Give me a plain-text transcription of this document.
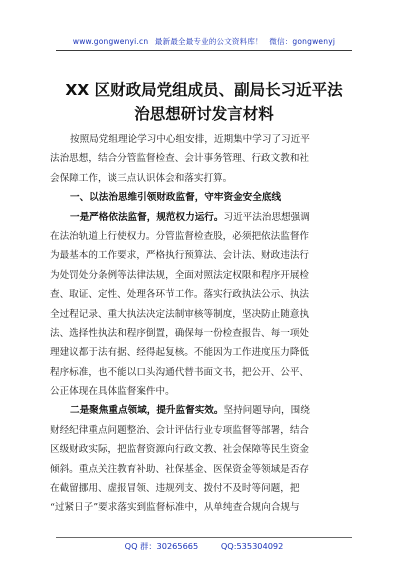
www.gongwenyi.cn 最新最全最专业的公文资料库！ 微信：gongwenyj
XX 区财政局党组成员、副局长习近平法
治思想研讨发言材料
按照局党组理论学习中心组安排，近期集中学习了习近平
法治思想，结合分管监督检查、会计事务管理、行政文教和社
会保障工作，谈三点认识体会和落实打算。
一、以法治思维引领财政监督，守牢资金安全底线
一是严格依法监督，规范权力运行。习近平法治思想强调
在法治轨道上行使权力。分管监督检查股，必须把依法监督作
为最基本的工作要求，严格执行预算法、会计法、财政违法行
为处罚处分条例等法律法规，全面对照法定权限和程序开展检
查、取证、定性、处理各环节工作。落实行政执法公示、执法
全过程记录、重大执法决定法制审核等制度，坚决防止随意执
法、选择性执法和程序倒置，确保每一份检查报告、每一项处
理建议都于法有据、经得起复核。不能因为工作进度压力降低
程序标准，也不能以口头沟通代替书面文书，把公开、公平、
公正体现在具体监督案件中。
二是聚焦重点领域，提升监督实效。坚持问题导向，围绕
财经纪律重点问题整治、会计评估行业专项监督等部署，结合
区级财政实际，把监督资源向行政文教、社会保障等民生资金
倾斜。重点关注教育补助、社保基金、医保资金等领域是否存
在截留挪用、虚报冒领、违规列支、拨付不及时等问题，把
“过紧日子”要求落实到监督标准中，从单纯查合规向合规与
QQ 群：30265665	QQ:535304092
